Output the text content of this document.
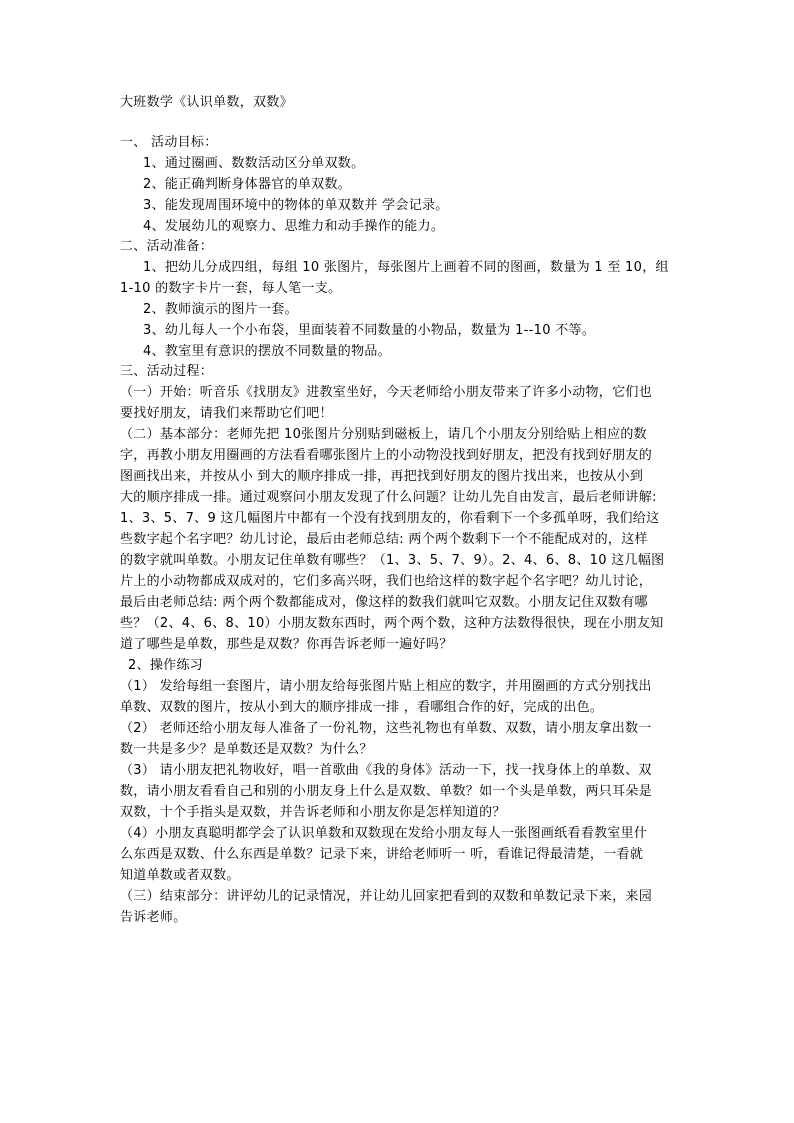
大班数学《认识单数，双数》

一、 活动目标：

1、通过圈画、数数活动区分单双数。

2、能正确判断身体器官的单双数。

3、能发现周围环境中的物体的单双数并 学会记录。

4、发展幼儿的观察力、思维力和动手操作的能力。

二、活动准备：

1、把幼儿分成四组，每组 10 张图片，每张图片上画着不同的图画，数量为 1 至 10，组

1-10 的数字卡片一套，每人笔一支。

2、教师演示的图片一套。

3、幼儿每人一个小布袋，里面装着不同数量的小物品，数量为 1--10 不等。

4、教室里有意识的摆放不同数量的物品。

三、活动过程：

（一）开始：听音乐《找朋友》进教室坐好，今天老师给小朋友带来了许多小动物，它们也
要找好朋友，请我们来帮助它们吧！
（二）基本部分：老师先把 10张图片分别贴到磁板上，请几个小朋友分别给贴上相应的数
字，再教小朋友用圈画的方法看看哪张图片上的小动物没找到好朋友，把没有找到好朋友的
图画找出来，并按从小 到大的顺序排成一排，再把找到好朋友的图片找出来，也按从小到
大的顺序排成一排。通过观察问小朋友发现了什么问题？让幼儿先自由发言，最后老师讲解:
1、3、5、7、9 这几幅图片中都有一个没有找到朋友的，你看剩下一个多孤单呀，我们给这
些数字起个名字吧？幼儿讨论，最后由老师总结: 两个两个数剩下一个不能配成对的，这样
的数字就叫单数。小朋友记住单数有哪些？（1、3、5、7、9）。2、4、6、8、10 这几幅图
片上的小动物都成双成对的，它们多高兴呀，我们也给这样的数字起个名字吧？幼儿讨论，
最后由老师总结: 两个两个数都能成对，像这样的数我们就叫它双数。小朋友记住双数有哪
些？（2、4、6、8、10）小朋友数东西时，两个两个数，这种方法数得很快，现在小朋友知
道了哪些是单数，那些是双数？你再告诉老师一遍好吗？

2、操作练习

（1） 发给每组一套图片，请小朋友给每张图片贴上相应的数字，并用圈画的方式分别找出
单数、双数的图片，按从小到大的顺序排成一排 ，看哪组合作的好，完成的出色。
（2） 老师还给小朋友每人准备了一份礼物，这些礼物也有单数、双数，请小朋友拿出数一
数一共是多少？是单数还是双数？为什么？
（3） 请小朋友把礼物收好，唱一首歌曲《我的身体》活动一下，找一找身体上的单数、双
数，请小朋友看看自己和别的小朋友身上什么是双数、单数？如一个头是单数，两只耳朵是
双数，十个手指头是双数，并告诉老师和小朋友你是怎样知道的？
（4）小朋友真聪明都学会了认识单数和双数现在发给小朋友每人一张图画纸看看教室里什
么东西是双数、什么东西是单数？记录下来，讲给老师听一 听，看谁记得最清楚，一看就
知道单数或者双数。
（三）结束部分：讲评幼儿的记录情况，并让幼儿回家把看到的双数和单数记录下来，来园
告诉老师。
